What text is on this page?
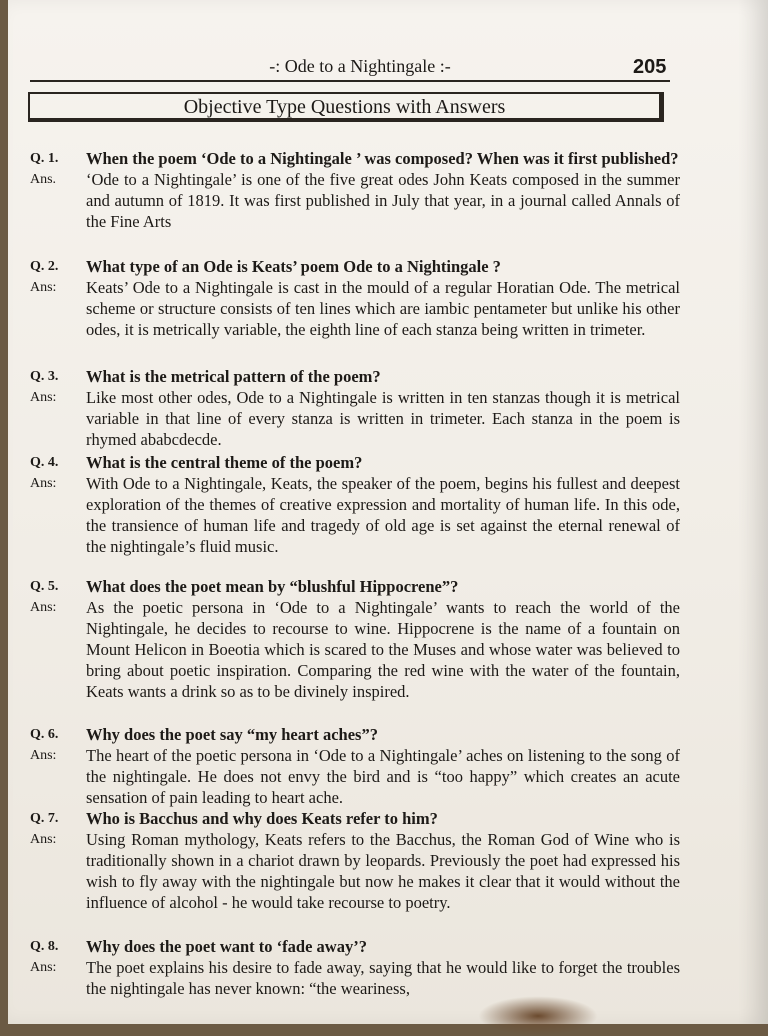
-: Ode to a Nightingale :-	205
Objective Type Questions with Answers
Q. 1.	When the poem ‘Ode to a Nightingale ’ was composed? When was it first published?
Ans.	‘Ode to a Nightingale’ is one of the five great odes John Keats composed in the summer and autumn of 1819. It was first published in July that year, in a journal called Annals of the Fine Arts
Q. 2.	What type of an Ode is Keats’ poem Ode to a Nightingale ?
Ans:	Keats’ Ode to a Nightingale is cast in the mould of a regular Horatian Ode. The metrical scheme or structure consists of ten lines which are iambic pentameter but unlike his other odes, it is metrically variable, the eighth line of each stanza being written in trimeter.
Q. 3.	What is the metrical pattern of the poem?
Ans:	Like most other odes, Ode to a Nightingale is written in ten stanzas though it is metrical variable in that line of every stanza is written in trimeter. Each stanza in the poem is rhymed ababcdecde.
Q. 4.	What is the central theme of the poem?
Ans:	With Ode to a Nightingale, Keats, the speaker of the poem, begins his fullest and deepest exploration of the themes of creative expression and mortality of human life. In this ode, the transience of human life and tragedy of old age is set against the eternal renewal of the nightingale’s fluid music.
Q. 5.	What does the poet mean by “blushful Hippocrene”?
Ans:	As the poetic persona in ‘Ode to a Nightingale’ wants to reach the world of the Nightingale, he decides to recourse to wine. Hippocrene is the name of a fountain on Mount Helicon in Boeotia which is scared to the Muses and whose water was believed to bring about poetic inspiration. Comparing the red wine with the water of the fountain, Keats wants a drink so as to be divinely inspired.
Q. 6.	Why does the poet say “my heart aches”?
Ans:	The heart of the poetic persona in ‘Ode to a Nightingale’ aches on listening to the song of the nightingale. He does not envy the bird and is “too happy” which creates an acute sensation of pain leading to heart ache.
Q. 7.	Who is Bacchus and why does Keats refer to him?
Ans:	Using Roman mythology, Keats refers to the Bacchus, the Roman God of Wine who is traditionally shown in a chariot drawn by leopards. Previously the poet had expressed his wish to fly away with the nightingale but now he makes it clear that it would without the influence of alcohol - he would take recourse to poetry.
Q. 8.	Why does the poet want to ‘fade away’?
Ans:	The poet explains his desire to fade away, saying that he would like to forget the troubles the nightingale has never known: “the weariness,
